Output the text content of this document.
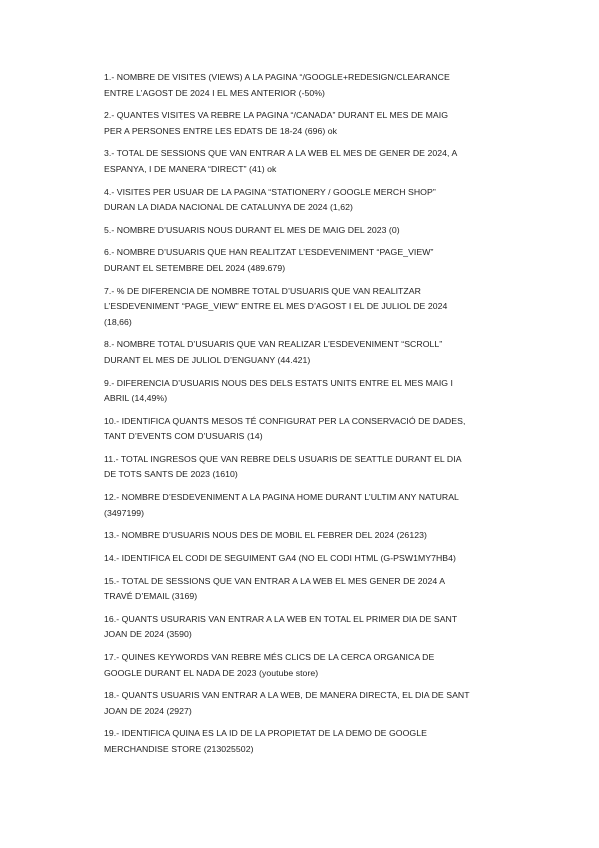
1.- NOMBRE DE VISITES (VIEWS) A LA PAGINA “/GOOGLE+REDESIGN/CLEARANCE
ENTRE L’AGOST DE 2024 I EL MES ANTERIOR (-50%)
2.- QUANTES VISITES VA REBRE LA PAGINA “/CANADA” DURANT EL MES DE MAIG
PER A PERSONES ENTRE LES EDATS DE 18-24 (696) ok
3.- TOTAL DE SESSIONS QUE VAN ENTRAR A LA WEB EL MES DE GENER DE 2024, A
ESPANYA, I DE MANERA “DIRECT” (41) ok
4.- VISITES PER USUAR DE LA PAGINA “STATIONERY / GOOGLE MERCH SHOP”
DURAN LA DIADA NACIONAL DE CATALUNYA DE 2024 (1,62)
5.- NOMBRE D’USUARIS NOUS DURANT EL MES DE MAIG DEL 2023 (0)
6.- NOMBRE D’USUARIS QUE HAN REALITZAT L’ESDEVENIMENT “PAGE_VIEW”
DURANT EL SETEMBRE DEL 2024 (489.679)
7.- % DE DIFERENCIA DE NOMBRE TOTAL D’USUARIS QUE VAN REALITZAR
L’ESDEVENIMENT “PAGE_VIEW” ENTRE EL MES D’AGOST I EL DE JULIOL DE 2024
(18,66)
8.- NOMBRE TOTAL D’USUARIS QUE VAN REALIZAR L’ESDEVENIMENT “SCROLL”
DURANT EL MES DE JULIOL D’ENGUANY (44.421)
9.- DIFERENCIA D’USUARIS NOUS DES DELS ESTATS UNITS ENTRE EL MES MAIG I
ABRIL (14,49%)
10.- IDENTIFICA QUANTS MESOS TÉ CONFIGURAT PER LA CONSERVACIÓ DE DADES,
TANT D’EVENTS COM D’USUARIS (14)
11.- TOTAL INGRESOS QUE VAN REBRE DELS USUARIS DE SEATTLE DURANT EL DIA
DE TOTS SANTS DE 2023 (1610)
12.- NOMBRE D’ESDEVENIMENT A LA PAGINA HOME DURANT L’ULTIM ANY NATURAL
(3497199)
13.- NOMBRE D’USUARIS NOUS DES DE MOBIL EL FEBRER DEL 2024 (26123)
14.- IDENTIFICA EL CODI DE SEGUIMENT GA4 (NO EL CODI HTML (G-PSW1MY7HB4)
15.- TOTAL DE SESSIONS QUE VAN ENTRAR A LA WEB EL MES GENER DE 2024 A
TRAVÉ D’EMAIL (3169)
16.- QUANTS USURARIS VAN ENTRAR A LA WEB EN TOTAL EL PRIMER DIA DE SANT
JOAN DE 2024 (3590)
17.- QUINES KEYWORDS VAN REBRE MÉS CLICS DE LA CERCA ORGANICA DE
GOOGLE DURANT EL NADA DE 2023 (youtube store)
18.- QUANTS USUARIS VAN ENTRAR A LA WEB, DE MANERA DIRECTA, EL DIA DE SANT
JOAN DE 2024 (2927)
19.- IDENTIFICA QUINA ES LA ID DE LA PROPIETAT DE LA DEMO DE GOOGLE
MERCHANDISE STORE (213025502)
